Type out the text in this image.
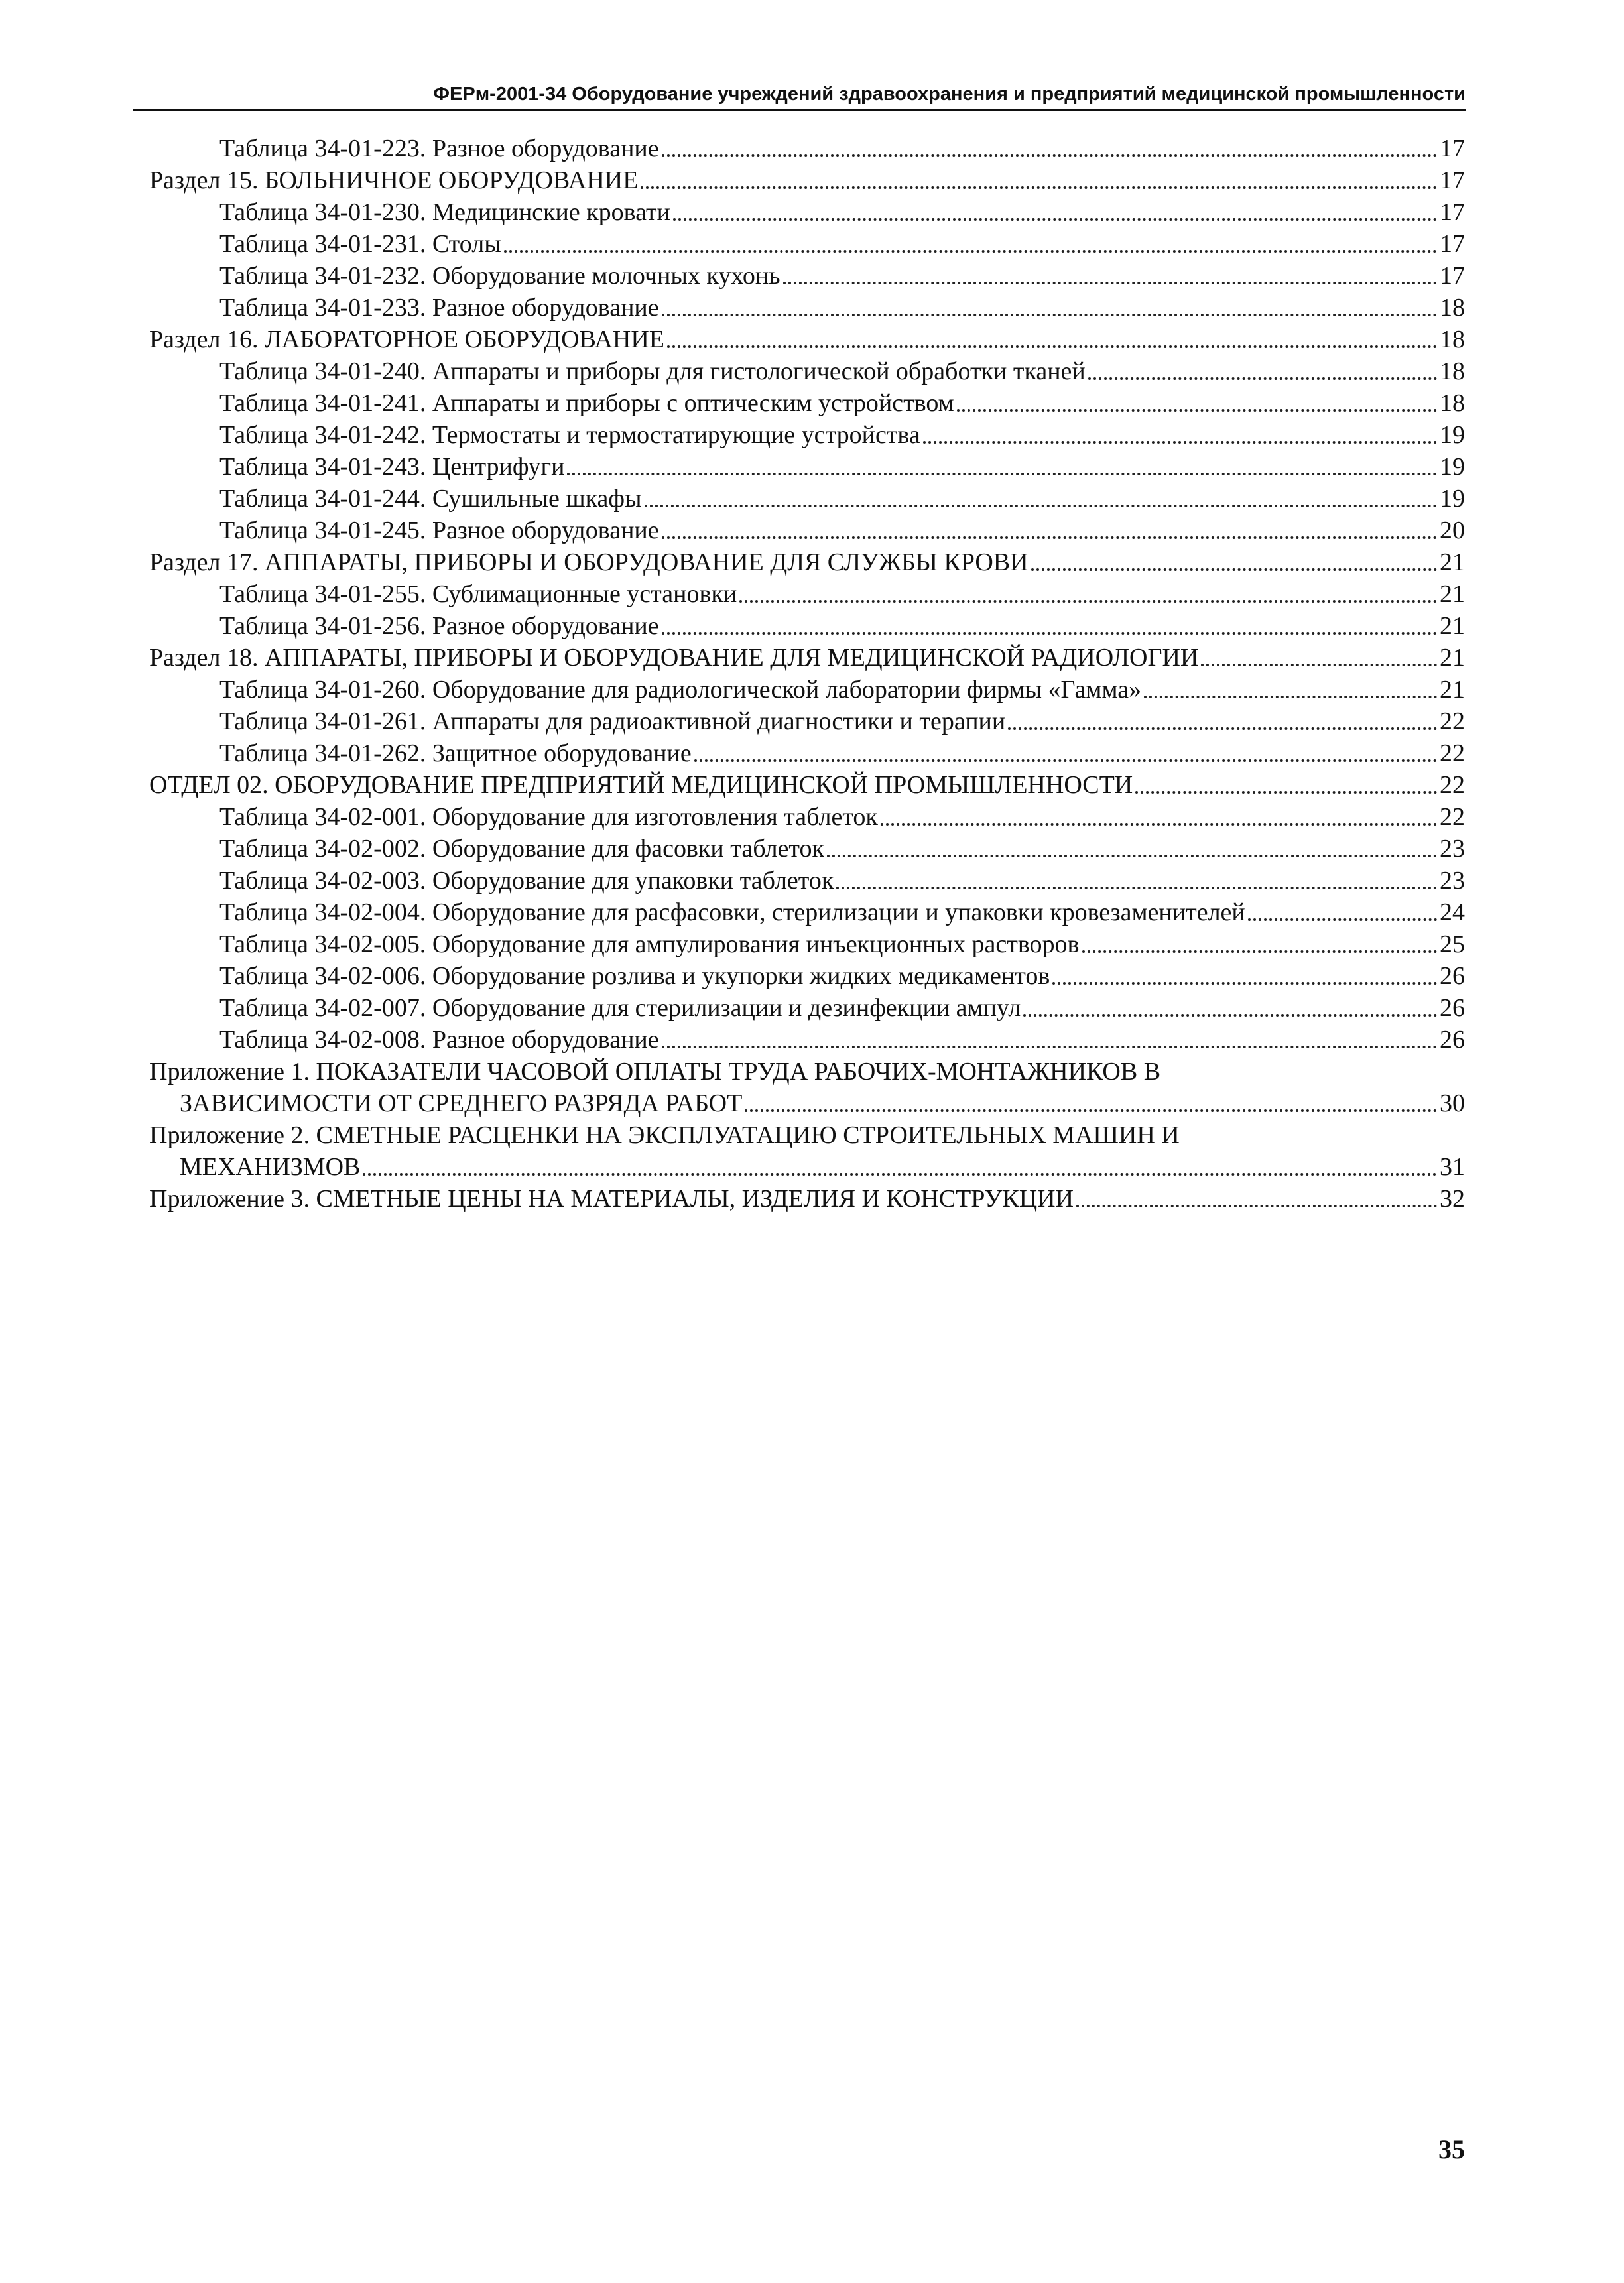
ФЕРм-2001-34 Оборудование учреждений здравоохранения и предприятий медицинской промышленности
Таблица 34-01-223. Разное оборудование	17
Раздел 15. БОЛЬНИЧНОЕ ОБОРУДОВАНИЕ	17
Таблица 34-01-230. Медицинские кровати	17
Таблица 34-01-231. Столы	17
Таблица 34-01-232. Оборудование молочных кухонь	17
Таблица 34-01-233. Разное оборудование	18
Раздел 16. ЛАБОРАТОРНОЕ ОБОРУДОВАНИЕ	18
Таблица 34-01-240. Аппараты и приборы для гистологической обработки тканей	18
Таблица 34-01-241. Аппараты и приборы с оптическим устройством	18
Таблица 34-01-242. Термостаты и термостатирующие устройства	19
Таблица 34-01-243. Центрифуги	19
Таблица 34-01-244. Сушильные шкафы	19
Таблица 34-01-245. Разное оборудование	20
Раздел 17. АППАРАТЫ, ПРИБОРЫ И ОБОРУДОВАНИЕ ДЛЯ СЛУЖБЫ КРОВИ	21
Таблица 34-01-255. Сублимационные установки	21
Таблица 34-01-256. Разное оборудование	21
Раздел 18. АППАРАТЫ, ПРИБОРЫ И ОБОРУДОВАНИЕ ДЛЯ МЕДИЦИНСКОЙ РАДИОЛОГИИ	21
Таблица 34-01-260. Оборудование для радиологической лаборатории фирмы «Гамма»	21
Таблица 34-01-261. Аппараты для радиоактивной диагностики и терапии	22
Таблица 34-01-262. Защитное оборудование	22
ОТДЕЛ 02. ОБОРУДОВАНИЕ ПРЕДПРИЯТИЙ МЕДИЦИНСКОЙ ПРОМЫШЛЕННОСТИ	22
Таблица 34-02-001. Оборудование для изготовления таблеток	22
Таблица 34-02-002. Оборудование для фасовки таблеток	23
Таблица 34-02-003. Оборудование для упаковки таблеток	23
Таблица 34-02-004. Оборудование для расфасовки, стерилизации и упаковки кровезаменителей	24
Таблица 34-02-005. Оборудование для ампулирования инъекционных растворов	25
Таблица 34-02-006. Оборудование розлива и укупорки жидких медикаментов	26
Таблица 34-02-007. Оборудование для стерилизации и дезинфекции ампул	26
Таблица 34-02-008. Разное оборудование	26
Приложение 1. ПОКАЗАТЕЛИ ЧАСОВОЙ ОПЛАТЫ ТРУДА РАБОЧИХ-МОНТАЖНИКОВ В
ЗАВИСИМОСТИ ОТ СРЕДНЕГО РАЗРЯДА РАБОТ	30
Приложение 2. СМЕТНЫЕ РАСЦЕНКИ НА ЭКСПЛУАТАЦИЮ СТРОИТЕЛЬНЫХ МАШИН И
МЕХАНИЗМОВ	31
Приложение 3. СМЕТНЫЕ ЦЕНЫ НА МАТЕРИАЛЫ, ИЗДЕЛИЯ И КОНСТРУКЦИИ	32
35
